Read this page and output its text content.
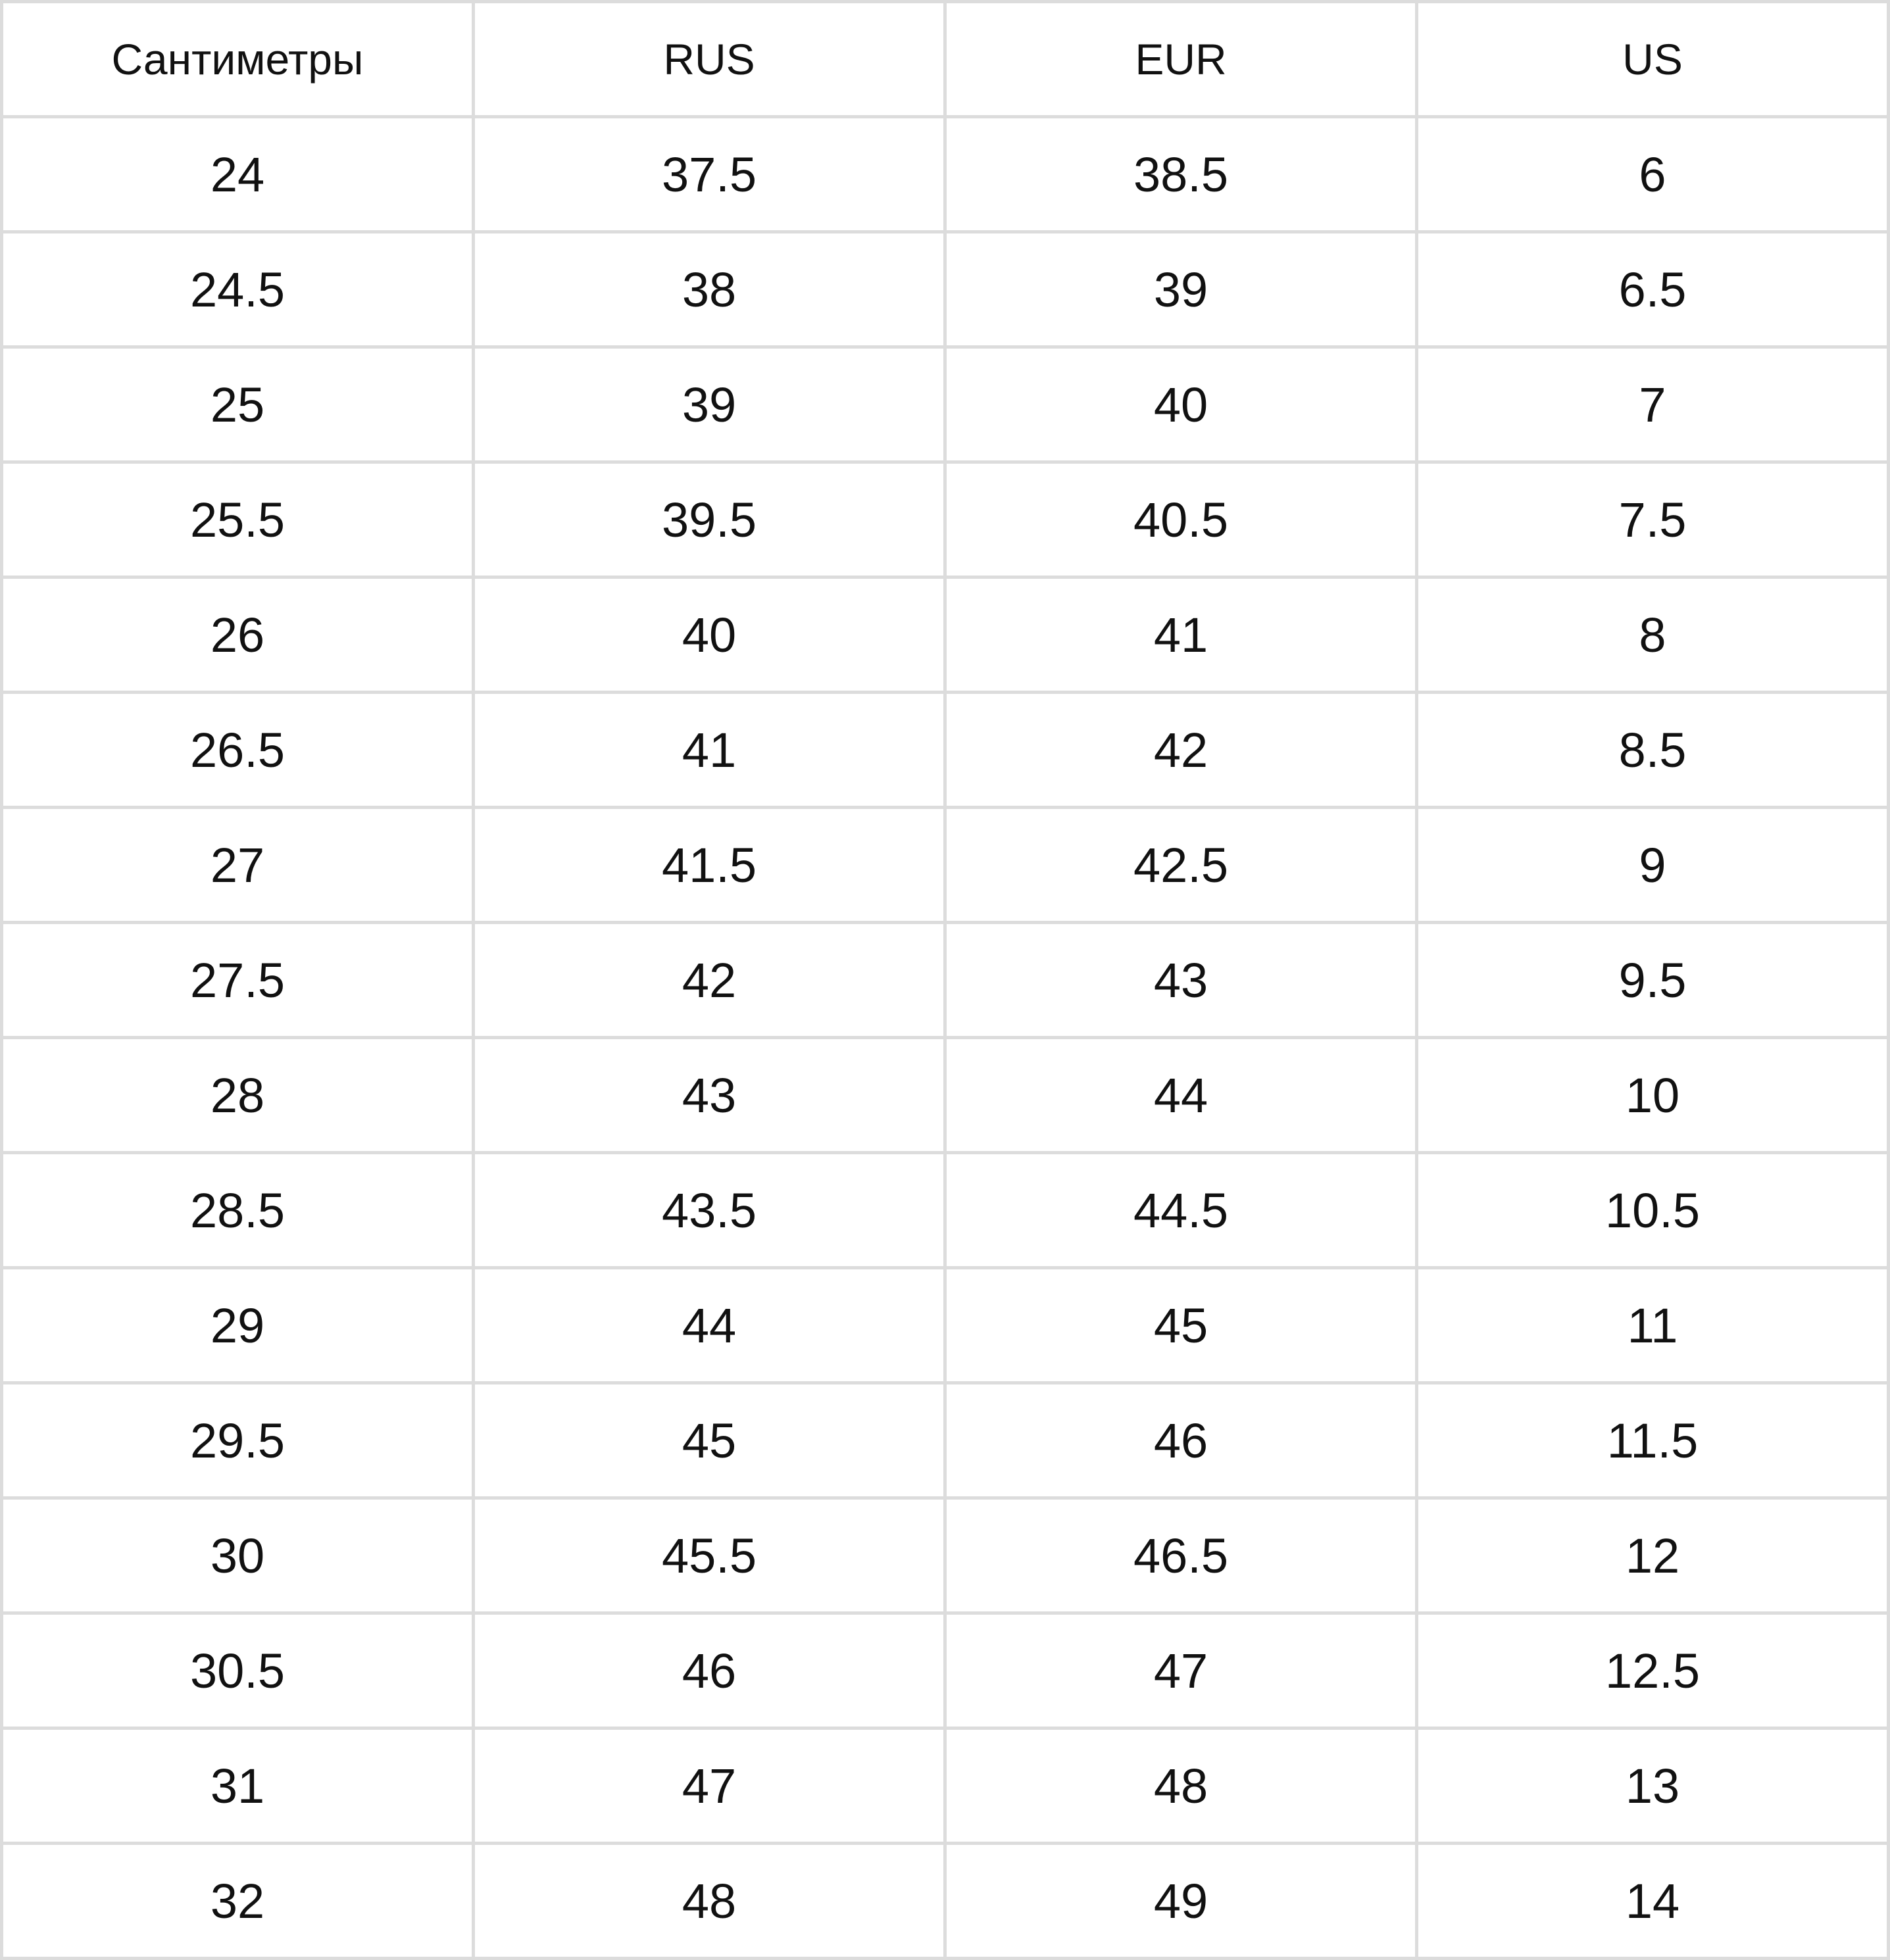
Сантиметры	RUS	EUR	US
24	37.5	38.5	6
24.5	38	39	6.5
25	39	40	7
25.5	39.5	40.5	7.5
26	40	41	8
26.5	41	42	8.5
27	41.5	42.5	9
27.5	42	43	9.5
28	43	44	10
28.5	43.5	44.5	10.5
29	44	45	11
29.5	45	46	11.5
30	45.5	46.5	12
30.5	46	47	12.5
31	47	48	13
32	48	49	14
